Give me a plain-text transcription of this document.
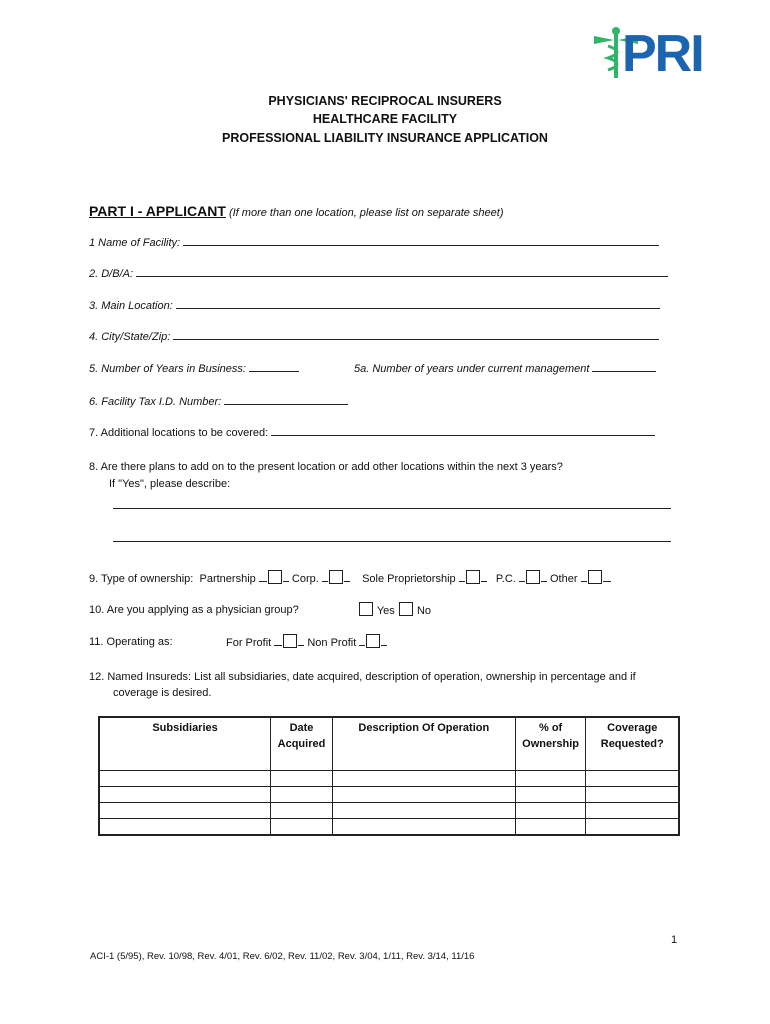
PRI
PHYSICIANS' RECIPROCAL INSURERS
HEALTHCARE FACILITY
PROFESSIONAL LIABILITY INSURANCE APPLICATION
PART I - APPLICANT (If more than one location, please list on separate sheet)
1 Name of Facility:
2. D/B/A:
3. Main Location:
4. City/State/Zip:
5. Number of Years in Business:	5a. Number of years under current management
6. Facility Tax I.D. Number:
7. Additional locations to be covered:
8. Are there plans to add on to the present location or add other locations within the next 3 years?
If "Yes", please describe:
9. Type of ownership: Partnership	Corp.	Sole Proprietorship	P.C.	Other
10. Are you applying as a physician group?	Yes No
11. Operating as:	For Profit	Non Profit
12. Named Insureds: List all subsidiaries, date acquired, description of operation, ownership in percentage and if
coverage is desired.
Subsidiaries	Date Acquired	Description Of Operation	% of Ownership	Coverage Requested?

1
ACI-1 (5/95), Rev. 10/98, Rev. 4/01, Rev. 6/02, Rev. 11/02, Rev. 3/04, 1/11, Rev. 3/14, 11/16
